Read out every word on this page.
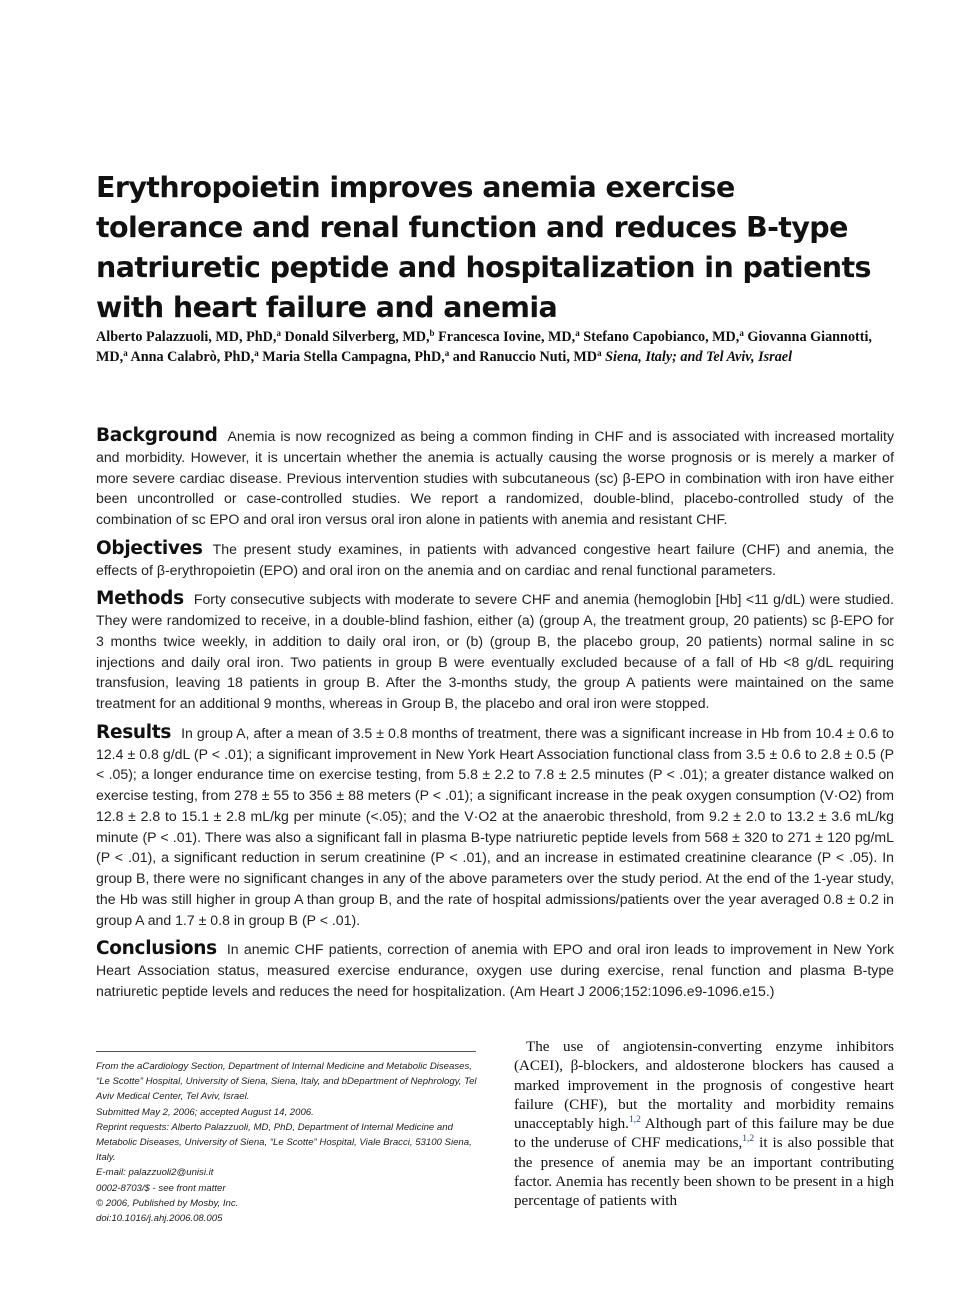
Erythropoietin improves anemia exercise tolerance and renal function and reduces B-type natriuretic peptide and hospitalization in patients with heart failure and anemia

Alberto Palazzuoli, MD, PhD,$^a$ Donald Silverberg, MD,$^b$ Francesca Iovine, MD,$^a$ Stefano Capobianco, MD,$^a$ Giovanna Giannotti, MD,$^a$ Anna Calabrò, PhD,$^a$ Maria Stella Campagna, PhD,$^a$ and Ranuccio Nuti, $MD^a$ Siena, Italy; and Tel Aviv, Israel

Background Anemia is now recognized as being a common finding in CHF and is associated with increased mortality and morbidity. However, it is uncertain whether the anemia is actually causing the worse prognosis or is merely a marker of more severe cardiac disease. Previous intervention studies with subcutaneous (sc) β-EPO in combination with iron have either been uncontrolled or case-controlled studies. We report a randomized, double-blind, placebo-controlled study of the combination of sc EPO and oral iron versus oral iron alone in patients with anemia and resistant CHF.

Objectives The present study examines, in patients with advanced congestive heart failure (CHF) and anemia, the effects of β-erythropoietin (EPO) and oral iron on the anemia and on cardiac and renal functional parameters.

Methods Forty consecutive subjects with moderate to severe CHF and anemia (hemoglobin [Hb] <11 g/dL) were studied. They were randomized to receive, in a double-blind fashion, either (a) (group A, the treatment group, 20 patients) sc β-EPO for 3 months twice weekly, in addition to daily oral iron, or (b) (group B, the placebo group, 20 patients) normal saline in sc injections and daily oral iron. Two patients in group B were eventually excluded because of a fall of Hb <8 g/dL requiring transfusion, leaving 18 patients in group B. After the 3-months study, the group A patients were maintained on the same treatment for an additional 9 months, whereas in Group B, the placebo and oral iron were stopped.

Results In group A, after a mean of 3.5 ± 0.8 months of treatment, there was a significant increase in Hb from 10.4 ± 0.6 to 12.4 ± 0.8 g/dL (P < .01); a significant improvement in New York Heart Association functional class from 3.5 ± 0.6 to 2.8 ± 0.5 (P < .05); a longer endurance time on exercise testing, from 5.8 ± 2.2 to 7.8 ± 2.5 minutes (P < .01); a greater distance walked on exercise testing, from 278 ± 55 to 356 ± 88 meters (P < .01); a significant increase in the peak oxygen consumption (V·O2) from 12.8 ± 2.8 to 15.1 ± 2.8 mL/kg per minute (<.05); and the V·O2 at the anaerobic threshold, from 9.2 ± 2.0 to 13.2 ± 3.6 mL/kg minute (P < .01). There was also a significant fall in plasma B-type natriuretic peptide levels from 568 ± 320 to 271 ± 120 pg/mL (P < .01), a significant reduction in serum creatinine (P < .01), and an increase in estimated creatinine clearance (P < .05). In group B, there were no significant changes in any of the above parameters over the study period. At the end of the 1-year study, the Hb was still higher in group A than group B, and the rate of hospital admissions/patients over the year averaged 0.8 ± 0.2 in group A and 1.7 ± 0.8 in group B (P < .01).

Conclusions In anemic CHF patients, correction of anemia with EPO and oral iron leads to improvement in New York Heart Association status, measured exercise endurance, oxygen use during exercise, renal function and plasma B-type natriuretic peptide levels and reduces the need for hospitalization. (Am Heart J 2006;152:1096.e9-1096.e15.)

From the aCardiology Section, Department of Internal Medicine and Metabolic Diseases, “Le Scotte” Hospital, University of Siena, Siena, Italy, and bDepartment of Nephrology, Tel Aviv Medical Center, Tel Aviv, Israel.
Submitted May 2, 2006; accepted August 14, 2006.
Reprint requests: Alberto Palazzuoli, MD, PhD, Department of Internal Medicine and Metabolic Diseases, University of Siena, “Le Scotte” Hospital, Viale Bracci, 53100 Siena, Italy.
E-mail: palazzuoli2@unisi.it
0002-8703/$ - see front matter
© 2006, Published by Mosby, Inc.
doi:10.1016/j.ahj.2006.08.005

The use of angiotensin-converting enzyme inhibitors (ACEI), β-blockers, and aldosterone blockers has caused a marked improvement in the prognosis of congestive heart failure (CHF), but the mortality and morbidity remains unacceptably high.$^{1,2}$ Although part of this failure may be due to the underuse of CHF medications,$^{1,2}$ it is also possible that the presence of anemia may be an important contributing factor. Anemia has recently been shown to be present in a high percentage of patients with
